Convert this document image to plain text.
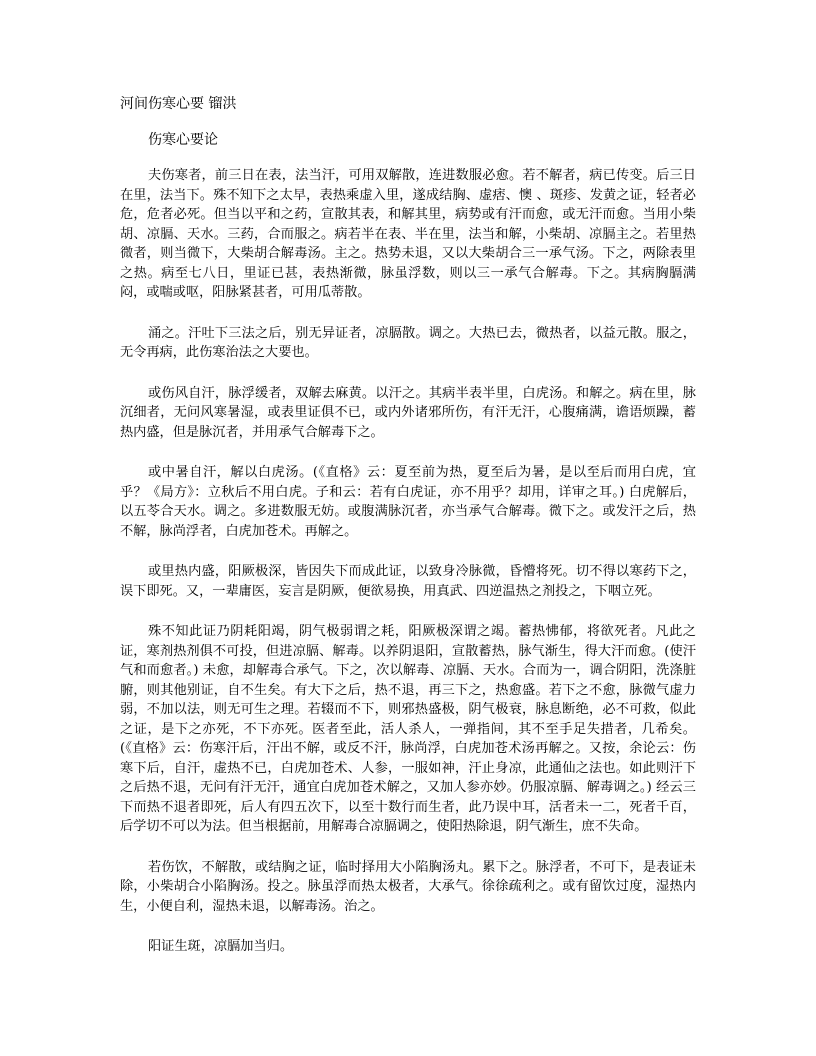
河间伤寒心要 镏洪
伤寒心要论

夫伤寒者，前三日在表，法当汗，可用双解散，连进数服必愈。若不解者，病已传变。后三日在里，法当下。殊不知下之太早，表热乘虚入里，遂成结胸、虚痞、懊 、斑疹、发黄之证，轻者必危，危者必死。但当以平和之药，宣散其表，和解其里，病势或有汗而愈，或无汗而愈。当用小柴胡、凉膈、天水。三药，合而服之。病若半在表、半在里，法当和解，小柴胡、凉膈主之。若里热微者，则当微下，大柴胡合解毒汤。主之。热势未退，又以大柴胡合三一承气汤。下之，两除表里之热。病至七八日，里证已甚，表热渐微，脉虽浮数，则以三一承气合解毒。下之。其病胸膈满闷，或喘或呕，阳脉紧甚者，可用瓜蒂散。

涌之。汗吐下三法之后，别无异证者，凉膈散。调之。大热已去，微热者，以益元散。服之，无令再病，此伤寒治法之大要也。

或伤风自汗，脉浮缓者，双解去麻黄。以汗之。其病半表半里，白虎汤。和解之。病在里，脉沉细者，无问风寒暑湿，或表里证俱不已，或内外诸邪所伤，有汗无汗，心腹痛满，谵语烦躁，蓄热内盛，但是脉沉者，并用承气合解毒下之。

或中暑自汗，解以白虎汤。(《直格》云：夏至前为热，夏至后为暑，是以至后而用白虎，宜乎？《局方》：立秋后不用白虎。子和云：若有白虎证，亦不用乎？却用，详审之耳。) 白虎解后，以五苓合天水。调之。多进数服无妨。或腹满脉沉者，亦当承气合解毒。微下之。或发汗之后，热不解，脉尚浮者，白虎加苍术。再解之。

或里热内盛，阳厥极深，皆因失下而成此证，以致身冷脉微，昏懵将死。切不得以寒药下之，误下即死。又，一辈庸医，妄言是阴厥，便欲易换，用真武、四逆温热之剂投之，下咽立死。

殊不知此证乃阴耗阳竭，阴气极弱谓之耗，阳厥极深谓之竭。蓄热怫郁，将欲死者。凡此之证，寒剂热剂俱不可投，但进凉膈、解毒。以养阴退阳，宣散蓄热，脉气渐生，得大汗而愈。(使汗气和而愈者。) 未愈，却解毒合承气。下之，次以解毒、凉膈、天水。合而为一，调合阴阳，洗涤脏腑，则其他别证，自不生矣。有大下之后，热不退，再三下之，热愈盛。若下之不愈，脉微气虚力弱，不加以法，则无可生之理。若辍而不下，则邪热盛极，阴气极衰，脉息断绝，必不可救，似此之证，是下之亦死，不下亦死。医者至此，活人杀人，一弹指间，其不至手足失措者，几希矣。(《直格》云：伤寒汗后，汗出不解，或反不汗，脉尚浮，白虎加苍术汤再解之。又按，余论云：伤寒下后，自汗，虚热不已，白虎加苍术、人参，一服如神，汗止身凉，此通仙之法也。如此则汗下之后热不退，无问有汗无汗，通宜白虎加苍术解之，又加人参亦妙。仍服凉膈、解毒调之。) 经云三下而热不退者即死，后人有四五次下，以至十数行而生者，此乃误中耳，活者未一二，死者千百，后学切不可以为法。但当根据前，用解毒合凉膈调之，使阳热除退，阴气渐生，庶不失命。

若伤饮，不解散，或结胸之证，临时择用大小陷胸汤丸。累下之。脉浮者，不可下，是表证未除，小柴胡合小陷胸汤。投之。脉虽浮而热太极者，大承气。徐徐疏利之。或有留饮过度，湿热内生，小便自利，湿热未退，以解毒汤。治之。

阳证生斑，凉膈加当归。
